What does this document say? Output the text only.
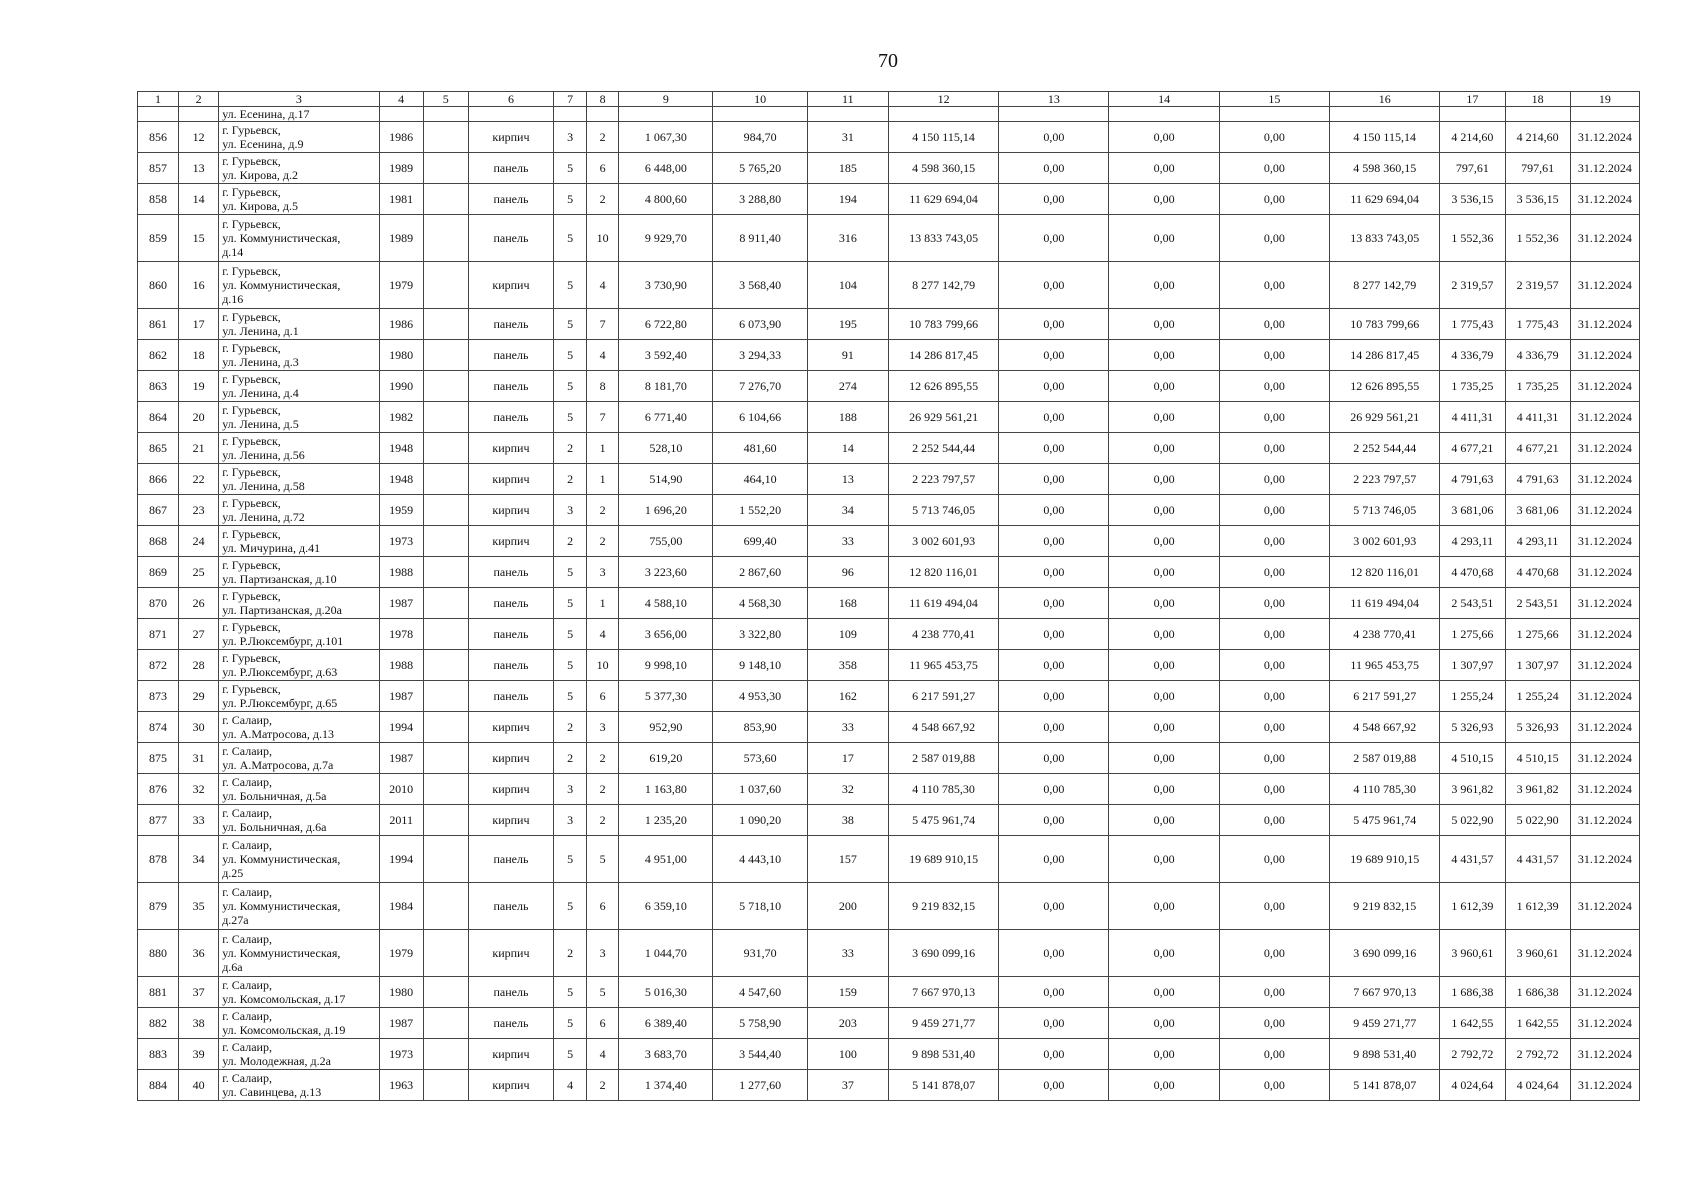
70
1	2	3	4	5	6	7	8	9	10	11	12	13	14	15	16	17	18	19
		ул. Есенина, д.17																
856	12	г. Гурьевск,
ул. Есенина, д.9	1986		кирпич	3	2	1 067,30	984,70	31	4 150 115,14	0,00	0,00	0,00	4 150 115,14	4 214,60	4 214,60	31.12.2024
857	13	г. Гурьевск,
ул. Кирова, д.2	1989		панель	5	6	6 448,00	5 765,20	185	4 598 360,15	0,00	0,00	0,00	4 598 360,15	797,61	797,61	31.12.2024
858	14	г. Гурьевск,
ул. Кирова, д.5	1981		панель	5	2	4 800,60	3 288,80	194	11 629 694,04	0,00	0,00	0,00	11 629 694,04	3 536,15	3 536,15	31.12.2024
859	15	г. Гурьевск,
ул. Коммунистическая,
д.14	1989		панель	5	10	9 929,70	8 911,40	316	13 833 743,05	0,00	0,00	0,00	13 833 743,05	1 552,36	1 552,36	31.12.2024
860	16	г. Гурьевск,
ул. Коммунистическая,
д.16	1979		кирпич	5	4	3 730,90	3 568,40	104	8 277 142,79	0,00	0,00	0,00	8 277 142,79	2 319,57	2 319,57	31.12.2024
861	17	г. Гурьевск,
ул. Ленина, д.1	1986		панель	5	7	6 722,80	6 073,90	195	10 783 799,66	0,00	0,00	0,00	10 783 799,66	1 775,43	1 775,43	31.12.2024
862	18	г. Гурьевск,
ул. Ленина, д.3	1980		панель	5	4	3 592,40	3 294,33	91	14 286 817,45	0,00	0,00	0,00	14 286 817,45	4 336,79	4 336,79	31.12.2024
863	19	г. Гурьевск,
ул. Ленина, д.4	1990		панель	5	8	8 181,70	7 276,70	274	12 626 895,55	0,00	0,00	0,00	12 626 895,55	1 735,25	1 735,25	31.12.2024
864	20	г. Гурьевск,
ул. Ленина, д.5	1982		панель	5	7	6 771,40	6 104,66	188	26 929 561,21	0,00	0,00	0,00	26 929 561,21	4 411,31	4 411,31	31.12.2024
865	21	г. Гурьевск,
ул. Ленина, д.56	1948		кирпич	2	1	528,10	481,60	14	2 252 544,44	0,00	0,00	0,00	2 252 544,44	4 677,21	4 677,21	31.12.2024
866	22	г. Гурьевск,
ул. Ленина, д.58	1948		кирпич	2	1	514,90	464,10	13	2 223 797,57	0,00	0,00	0,00	2 223 797,57	4 791,63	4 791,63	31.12.2024
867	23	г. Гурьевск,
ул. Ленина, д.72	1959		кирпич	3	2	1 696,20	1 552,20	34	5 713 746,05	0,00	0,00	0,00	5 713 746,05	3 681,06	3 681,06	31.12.2024
868	24	г. Гурьевск,
ул. Мичурина, д.41	1973		кирпич	2	2	755,00	699,40	33	3 002 601,93	0,00	0,00	0,00	3 002 601,93	4 293,11	4 293,11	31.12.2024
869	25	г. Гурьевск,
ул. Партизанская, д.10	1988		панель	5	3	3 223,60	2 867,60	96	12 820 116,01	0,00	0,00	0,00	12 820 116,01	4 470,68	4 470,68	31.12.2024
870	26	г. Гурьевск,
ул. Партизанская, д.20а	1987		панель	5	1	4 588,10	4 568,30	168	11 619 494,04	0,00	0,00	0,00	11 619 494,04	2 543,51	2 543,51	31.12.2024
871	27	г. Гурьевск,
ул. Р.Люксембург, д.101	1978		панель	5	4	3 656,00	3 322,80	109	4 238 770,41	0,00	0,00	0,00	4 238 770,41	1 275,66	1 275,66	31.12.2024
872	28	г. Гурьевск,
ул. Р.Люксембург, д.63	1988		панель	5	10	9 998,10	9 148,10	358	11 965 453,75	0,00	0,00	0,00	11 965 453,75	1 307,97	1 307,97	31.12.2024
873	29	г. Гурьевск,
ул. Р.Люксембург, д.65	1987		панель	5	6	5 377,30	4 953,30	162	6 217 591,27	0,00	0,00	0,00	6 217 591,27	1 255,24	1 255,24	31.12.2024
874	30	г. Салаир,
ул. А.Матросова, д.13	1994		кирпич	2	3	952,90	853,90	33	4 548 667,92	0,00	0,00	0,00	4 548 667,92	5 326,93	5 326,93	31.12.2024
875	31	г. Салаир,
ул. А.Матросова, д.7а	1987		кирпич	2	2	619,20	573,60	17	2 587 019,88	0,00	0,00	0,00	2 587 019,88	4 510,15	4 510,15	31.12.2024
876	32	г. Салаир,
ул. Больничная, д.5а	2010		кирпич	3	2	1 163,80	1 037,60	32	4 110 785,30	0,00	0,00	0,00	4 110 785,30	3 961,82	3 961,82	31.12.2024
877	33	г. Салаир,
ул. Больничная, д.6а	2011		кирпич	3	2	1 235,20	1 090,20	38	5 475 961,74	0,00	0,00	0,00	5 475 961,74	5 022,90	5 022,90	31.12.2024
878	34	г. Салаир,
ул. Коммунистическая,
д.25	1994		панель	5	5	4 951,00	4 443,10	157	19 689 910,15	0,00	0,00	0,00	19 689 910,15	4 431,57	4 431,57	31.12.2024
879	35	г. Салаир,
ул. Коммунистическая,
д.27а	1984		панель	5	6	6 359,10	5 718,10	200	9 219 832,15	0,00	0,00	0,00	9 219 832,15	1 612,39	1 612,39	31.12.2024
880	36	г. Салаир,
ул. Коммунистическая,
д.6а	1979		кирпич	2	3	1 044,70	931,70	33	3 690 099,16	0,00	0,00	0,00	3 690 099,16	3 960,61	3 960,61	31.12.2024
881	37	г. Салаир,
ул. Комсомольская, д.17	1980		панель	5	5	5 016,30	4 547,60	159	7 667 970,13	0,00	0,00	0,00	7 667 970,13	1 686,38	1 686,38	31.12.2024
882	38	г. Салаир,
ул. Комсомольская, д.19	1987		панель	5	6	6 389,40	5 758,90	203	9 459 271,77	0,00	0,00	0,00	9 459 271,77	1 642,55	1 642,55	31.12.2024
883	39	г. Салаир,
ул. Молодежная, д.2а	1973		кирпич	5	4	3 683,70	3 544,40	100	9 898 531,40	0,00	0,00	0,00	9 898 531,40	2 792,72	2 792,72	31.12.2024
884	40	г. Салаир,
ул. Савинцева, д.13	1963		кирпич	4	2	1 374,40	1 277,60	37	5 141 878,07	0,00	0,00	0,00	5 141 878,07	4 024,64	4 024,64	31.12.2024
